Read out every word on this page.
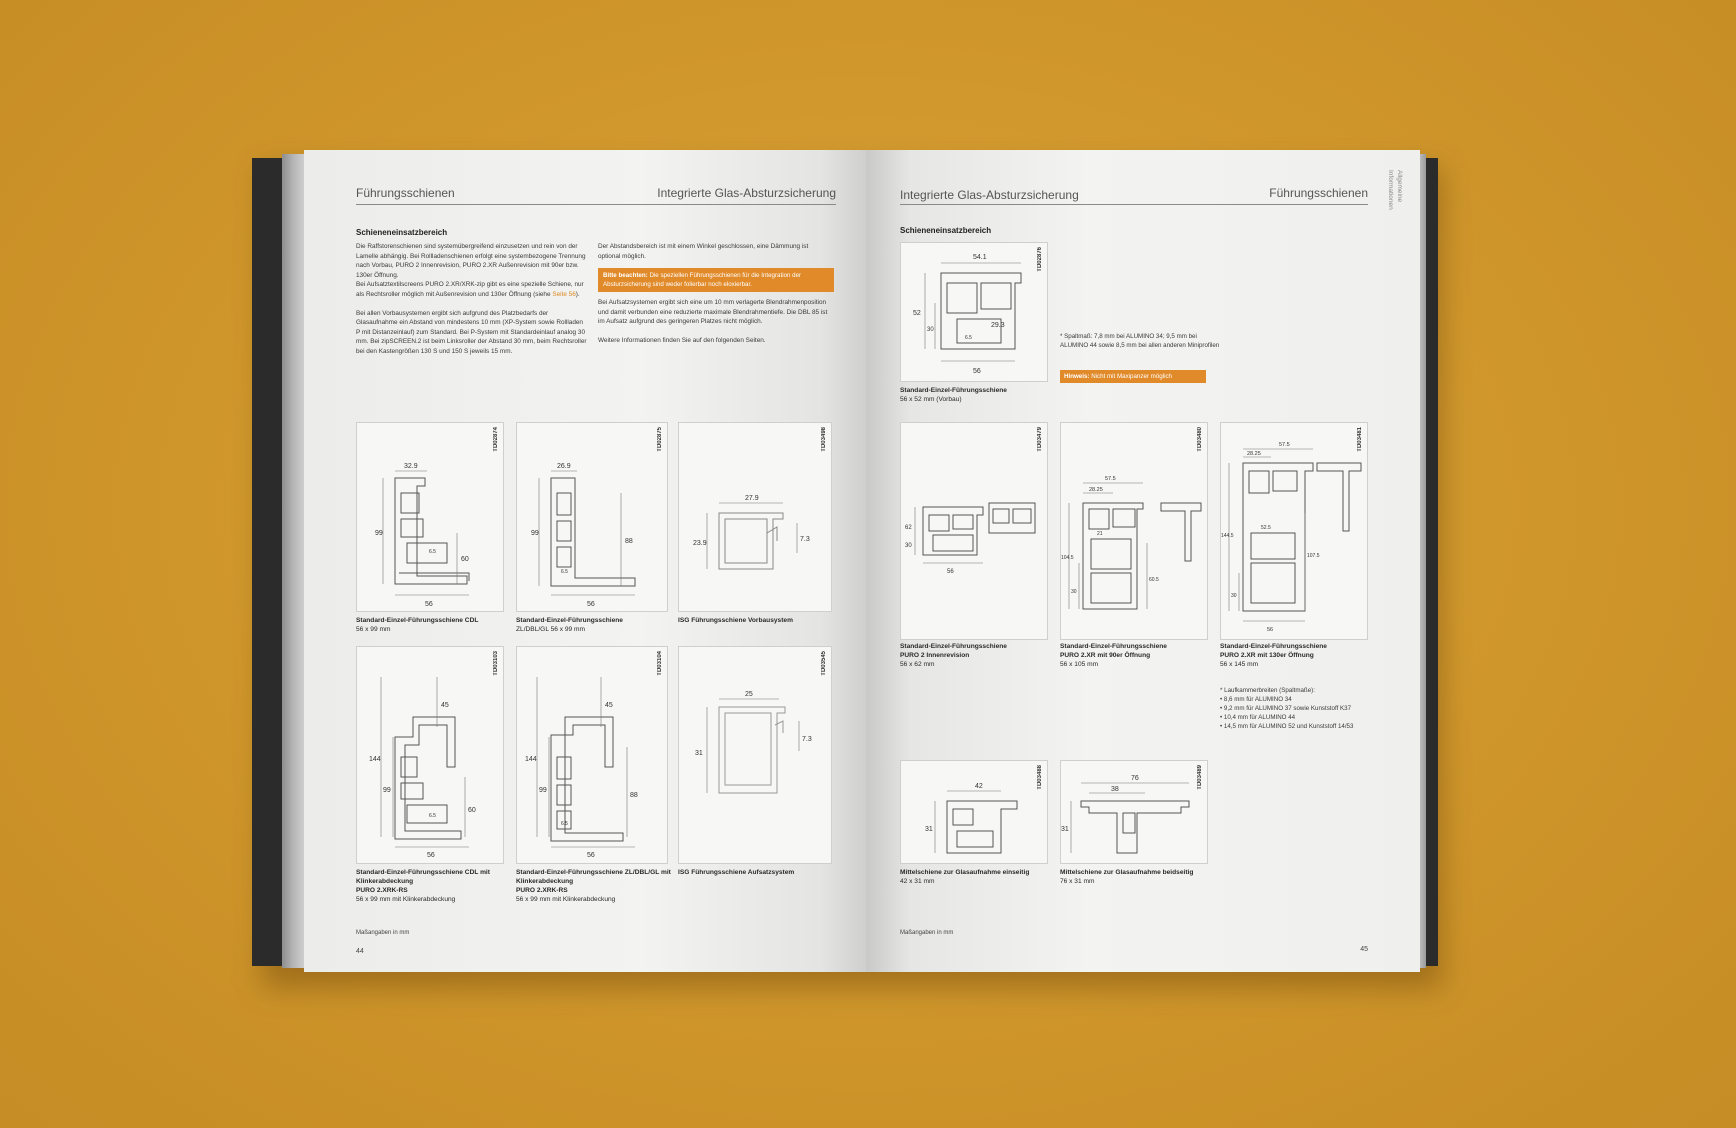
Führungsschienen	Integrierte Glas-Absturzsicherung
Schieneneinsatzbereich

Die Raffstorenschienen sind systemübergreifend einzusetzen und rein von der Lamelle abhängig. Bei Rollladenschienen erfolgt eine systembezogene Trennung nach Vorbau, PURO 2 Innenrevision, PURO 2.XR Außenrevision mit 90er bzw. 130er Öffnung.

Bei Aufsatztextilscreens PURO 2.XR/XRK-zip gibt es eine spezielle Schiene, nur als Rechtsroller möglich mit Außenrevision und 130er Öffnung (siehe Seite 56).

Bei allen Vorbausystemen ergibt sich aufgrund des Platzbedarfs der Glasaufnahme ein Abstand von mindestens 10 mm (XP-System sowie Rollladen P mit Distanzeinlauf) zum Standard. Bei P-System mit Standardeinlauf analog 30 mm. Bei zipSCREEN.2 ist beim Linksroller der Abstand 30 mm, beim Rechtsroller bei den Kastengrößen 130 S und 150 S jeweils 15 mm.

Der Abstandsbereich ist mit einem Winkel geschlossen, eine Dämmung ist optional möglich.

Bitte beachten: Die speziellen Führungsschienen für die Integration der Absturzsicherung sind weder folierbar noch eloxierbar.

Bei Aufsatzsystemen ergibt sich eine um 10 mm verlagerte Blendrahmenposition und damit verbunden eine reduzierte maximale Blendrahmentiefe. Die DBL 85 ist im Aufsatz aufgrund des geringeren Platzes nicht möglich.

Weitere Informationen finden Sie auf den folgenden Seiten.

32.9
99
60
56
6.5
TD02874
Standard-Einzel-Führungsschiene CDL
56 x 99 mm
26.9
99
88
56
6.5
TD02875
Standard-Einzel-Führungsschiene
ZL/DBL/GL 56 x 99 mm
27.9
23.9
7.3
TD03498
ISG Führungsschiene Vorbausystem
45
144
99
60
56
6.5
TD03103
Standard-Einzel-Führungsschiene CDL mit Klinkerabdeckung
PURO 2.XRK-RS
56 x 99 mm mit Klinkerabdeckung
45
144
99
88
56
6.5
TD03104
Standard-Einzel-Führungsschiene ZL/DBL/GL mit Klinkerabdeckung
PURO 2.XRK-RS
56 x 99 mm mit Klinkerabdeckung
25
31
7.3
TD03545
ISG Führungsschiene Aufsatzsystem
Maßangaben in mm
44
Integrierte Glas-Absturzsicherung	Führungsschienen	Allgemeine
Informationen
Schieneneinsatzbereich
54.1
52
30
29.3
56
6.5
TD02876
Standard-Einzel-Führungsschiene
56 x 52 mm (Vorbau)
* Spaltmaß: 7,8 mm bei ALUMINO 34; 9,5 mm bei ALUMINO 44 sowie 8,5 mm bei allen anderen Miniprofilen
Hinweis: Nicht mit Maxipanzer möglich
62
30
56
TD03479
Standard-Einzel-Führungsschiene
PURO 2 Innenrevision
56 x 62 mm
57.5
28.25
104.5
60.5
30
21
TD03480
Standard-Einzel-Führungsschiene
PURO 2.XR mit 90er Öffnung
56 x 105 mm
57.5
28.25
144.5
52.5
107.5
30
56
TD03481
Standard-Einzel-Führungsschiene
PURO 2.XR mit 130er Öffnung
56 x 145 mm
* Laufkammerbreiten (Spaltmaße):
• 8,6 mm für ALUMINO 34
• 9,2 mm für ALUMINO 37 sowie Kunststoff K37
• 10,4 mm für ALUMINO 44
• 14,5 mm für ALUMINO 52 und Kunststoff 14/53
42
31
TD03488
Mittelschiene zur Glasaufnahme einseitig
42 x 31 mm
76
38
31
TD03489
Mittelschiene zur Glasaufnahme beidseitig
76 x 31 mm
Maßangaben in mm
45
